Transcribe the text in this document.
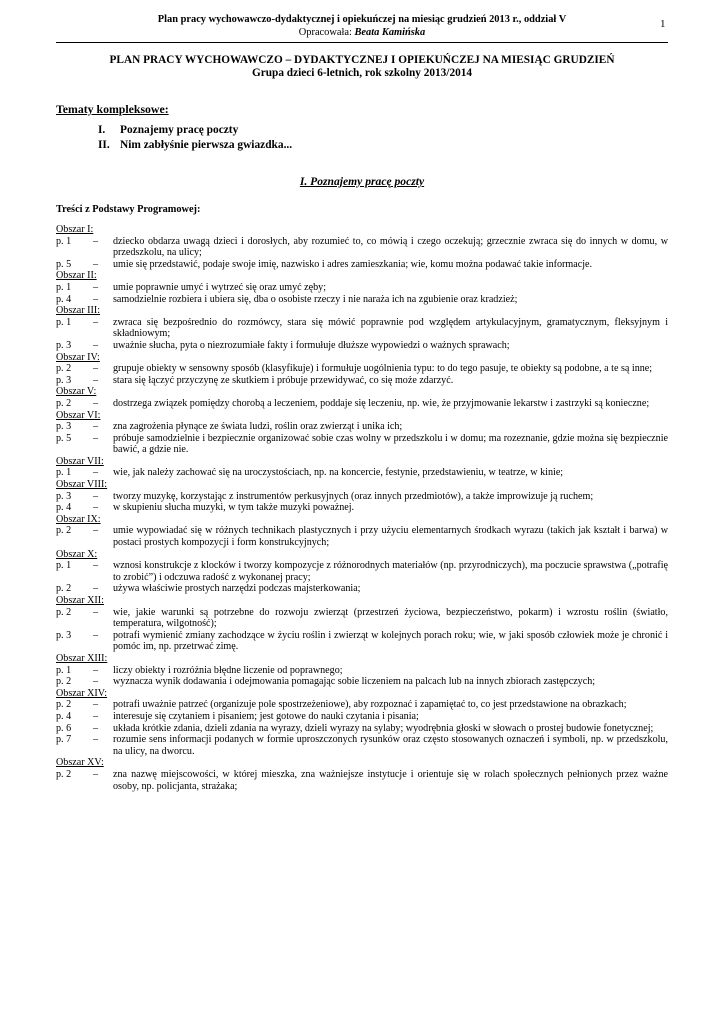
Plan pracy wychowawczo-dydaktycznej i opiekuńczej na miesiąc grudzień 2013 r., oddział V
Opracowała: Beata Kamińska
1
PLAN PRACY WYCHOWAWCZO – DYDAKTYCZNEJ I OPIEKUŃCZEJ NA MIESIĄC GRUDZIEŃ
Grupa dzieci 6-letnich, rok szkolny 2013/2014
Tematy kompleksowe:
I. Poznajemy pracę poczty
II. Nim zabłyśnie pierwsza gwiazdka...
I. Poznajemy pracę poczty
Treści z Podstawy Programowej:
Obszar I:
p. 1 – dziecko obdarza uwagą dzieci i dorosłych, aby rozumieć to, co mówią i czego oczekują; grzecznie zwraca się do innych w domu, w przedszkolu, na ulicy;
p. 5 – umie się przedstawić, podaje swoje imię, nazwisko i adres zamieszkania; wie, komu można podawać takie informacje.
Obszar II:
p. 1 – umie poprawnie umyć i wytrzeć się oraz umyć zęby;
p. 4 – samodzielnie rozbiera i ubiera się, dba o osobiste rzeczy i nie naraża ich na zgubienie oraz kradzież;
Obszar III:
p. 1 – zwraca się bezpośrednio do rozmówcy, stara się mówić poprawnie pod względem artykulacyjnym, gramatycznym, fleksyjnym i składniowym;
p. 3 – uważnie słucha, pyta o niezrozumiałe fakty i formułuje dłuższe wypowiedzi o ważnych sprawach;
Obszar IV:
p. 2 – grupuje obiekty w sensowny sposób (klasyfikuje) i formułuje uogólnienia typu: to do tego pasuje, te obiekty są podobne, a te są inne;
p. 3 – stara się łączyć przyczynę ze skutkiem i próbuje przewidywać, co się może zdarzyć.
Obszar V:
p. 2 – dostrzega związek pomiędzy chorobą a leczeniem, poddaje się leczeniu, np. wie, że przyjmowanie lekarstw i zastrzyki są konieczne;
Obszar VI:
p. 3 – zna zagrożenia płynące ze świata ludzi, roślin oraz zwierząt i unika ich;
p. 5 – próbuje samodzielnie i bezpiecznie organizować sobie czas wolny w przedszkolu i w domu; ma rozeznanie, gdzie można się bezpiecznie bawić, a gdzie nie.
Obszar VII:
p. 1 – wie, jak należy zachować się na uroczystościach, np. na koncercie, festynie, przedstawieniu, w teatrze, w kinie;
Obszar VIII:
p. 3 – tworzy muzykę, korzystając z instrumentów perkusyjnych (oraz innych przedmiotów), a także improwizuje ją ruchem;
p. 4 – w skupieniu słucha muzyki, w tym także muzyki poważnej.
Obszar IX:
p. 2 – umie wypowiadać się w różnych technikach plastycznych i przy użyciu elementarnych środkach wyrazu (takich jak kształt i barwa) w postaci prostych kompozycji i form konstrukcyjnych;
Obszar X:
p. 1 – wznosi konstrukcje z klocków i tworzy kompozycje z różnorodnych materiałów (np. przyrodniczych), ma poczucie sprawstwa („potrafię to zrobić”) i odczuwa radość z wykonanej pracy;
p. 2 – używa właściwie prostych narzędzi podczas majsterkowania;
Obszar XII:
p. 2 – wie, jakie warunki są potrzebne do rozwoju zwierząt (przestrzeń życiowa, bezpieczeństwo, pokarm) i wzrostu roślin (światło, temperatura, wilgotność);
p. 3 – potrafi wymienić zmiany zachodzące w życiu roślin i zwierząt w kolejnych porach roku; wie, w jaki sposób człowiek może je chronić i pomóc im, np. przetrwać zimę.
Obszar XIII:
p. 1 – liczy obiekty i rozróżnia błędne liczenie od poprawnego;
p. 2 – wyznacza wynik dodawania i odejmowania pomagając sobie liczeniem na palcach lub na innych zbiorach zastępczych;
Obszar XIV:
p. 2 – potrafi uważnie patrzeć (organizuje pole spostrzeżeniowe), aby rozpoznać i zapamiętać to, co jest przedstawione na obrazkach;
p. 4 – interesuje się czytaniem i pisaniem; jest gotowe do nauki czytania i pisania;
p. 6 – układa krótkie zdania, dzieli zdania na wyrazy, dzieli wyrazy na sylaby; wyodrębnia głoski w słowach o prostej budowie fonetycznej;
p. 7 – rozumie sens informacji podanych w formie uproszczonych rysunków oraz często stosowanych oznaczeń i symboli, np. w przedszkolu, na ulicy, na dworcu.
Obszar XV:
p. 2 – zna nazwę miejscowości, w której mieszka, zna ważniejsze instytucje i orientuje się w rolach społecznych pełnionych przez ważne osoby, np. policjanta, strażaka;
